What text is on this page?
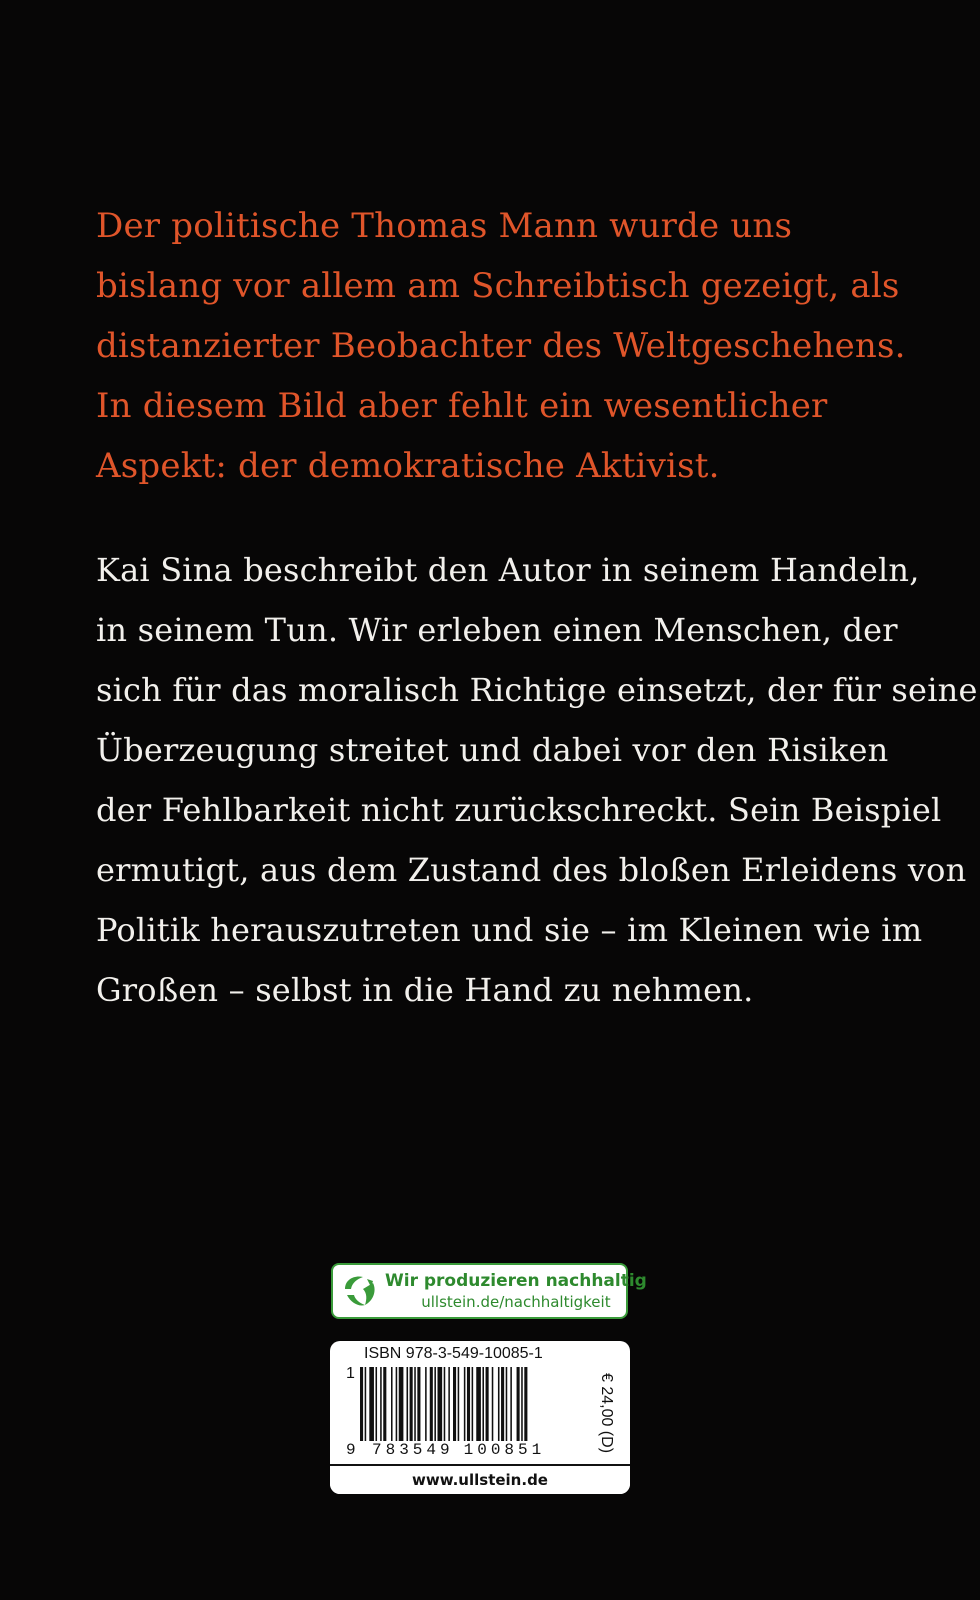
Der politische Thomas Mann wurde uns
bislang vor allem am Schreibtisch gezeigt, als
distanzierter Beobachter des Weltgeschehens.
In diesem Bild aber fehlt ein wesentlicher
Aspekt: der demokratische Aktivist.

Kai Sina beschreibt den Autor in seinem Handeln,
in seinem Tun. Wir erleben einen Menschen, der
sich für das moralisch Richtige einsetzt, der für seine
Überzeugung streitet und dabei vor den Risiken
der Fehlbarkeit nicht zurückschreckt. Sein Beispiel
ermutigt, aus dem Zustand des bloßen Erleidens von
Politik herauszutreten und sie – im Kleinen wie im
Großen – selbst in die Hand zu nehmen.

Wir produzieren nachhaltig
ullstein.de/nachhaltigkeit
ISBN 978-3-549-10085-1
1
9 783549 100851	€ 24,00 (D)
www.ullstein.de
